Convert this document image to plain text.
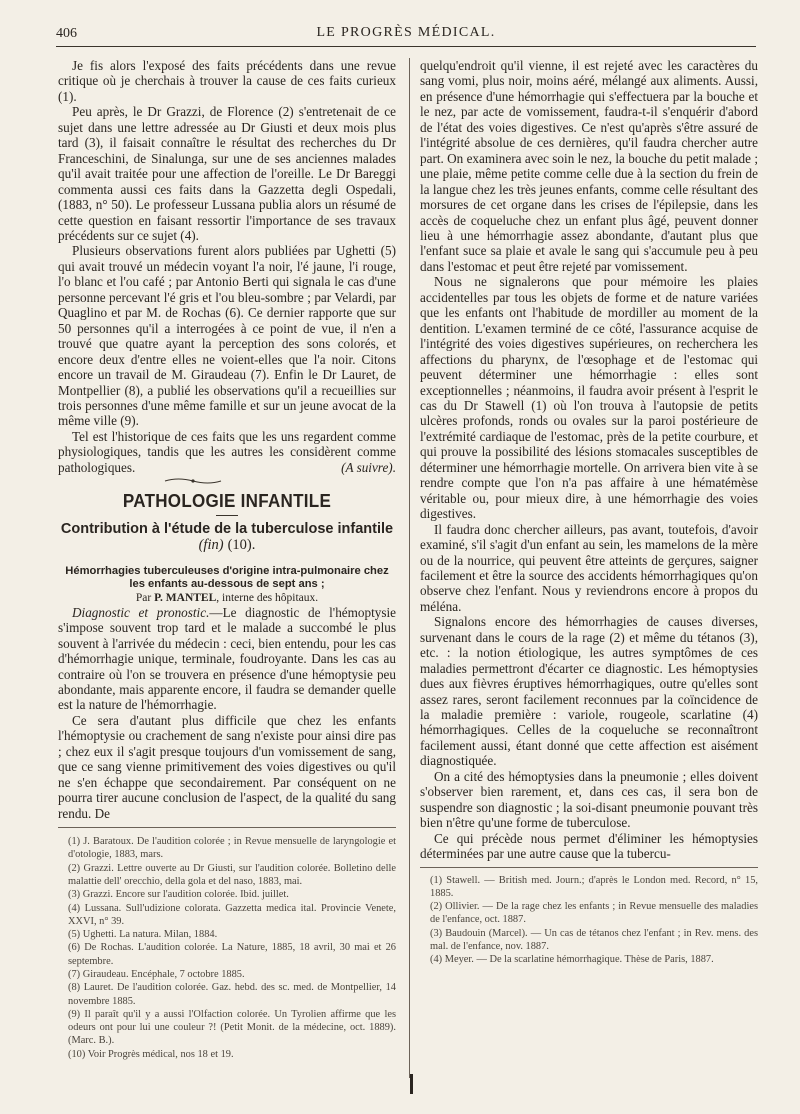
406	LE PROGRÈS MÉDICAL.

Je fis alors l'exposé des faits précédents dans une revue critique où je cherchais à trouver la cause de ces faits curieux (1).

Peu après, le Dr Grazzi, de Florence (2) s'entretenait de ce sujet dans une lettre adressée au Dr Giusti et deux mois plus tard (3), il faisait connaître le résultat des recherches du Dr Franceschini, de Sinalunga, sur une de ses anciennes malades qu'il avait traitée pour une affection de l'oreille. Le Dr Bareggi commenta aussi ces faits dans la Gazzetta degli Ospedali, (1883, n° 50). Le professeur Lussana publia alors un résumé de cette question en faisant ressortir l'importance de ses travaux précédents sur ce sujet (4).

Plusieurs observations furent alors publiées par Ughetti (5) qui avait trouvé un médecin voyant l'a noir, l'é jaune, l'i rouge, l'o blanc et l'ou café ; par Antonio Berti qui signala le cas d'une personne percevant l'é gris et l'ou bleu-sombre ; par Velardi, par Quaglino et par M. de Rochas (6). Ce dernier rapporte que sur 50 personnes qu'il a interrogées à ce point de vue, il n'en a trouvé que quatre ayant la perception des sons colorés, et encore deux d'entre elles ne voient-elles que l'a noir. Citons encore un travail de M. Giraudeau (7). Enfin le Dr Lauret, de Montpellier (8), a publié les observations qu'il a recueillies sur trois personnes d'une même famille et sur un jeune avocat de la même ville (9).

Tel est l'historique de ces faits que les uns regardent comme physiologiques, tandis que les autres les considèrent comme pathologiques.	(A suivre).

PATHOLOGIE INFANTILE
Contribution à l'étude de la tuberculose infantile (fin) (10).
Hémorrhagies tuberculeuses d'origine intra-pulmonaire chez les enfants au-dessous de sept ans ;
Par P. MANTEL, interne des hôpitaux.

Diagnostic et pronostic.—Le diagnostic de l'hémoptysie s'impose souvent trop tard et le malade a succombé le plus souvent à l'arrivée du médecin : ceci, bien entendu, pour les cas d'hémorrhagie unique, terminale, foudroyante. Dans les cas au contraire où l'on se trouvera en présence d'une hémoptysie peu abondante, mais apparente encore, il faudra se demander quelle est la nature de l'hémorrhagie.

Ce sera d'autant plus difficile que chez les enfants l'hémoptysie ou crachement de sang n'existe pour ainsi dire pas ; chez eux il s'agit presque toujours d'un vomissement de sang, que ce sang vienne primitivement des voies digestives ou qu'il ne s'en échappe que secondairement. Par conséquent on ne pourra tirer aucune conclusion de l'aspect, de la qualité du sang rendu. De

(1) J. Baratoux. De l'audition colorée ; in Revue mensuelle de laryngologie et d'otologie, 1883, mars.

(2) Grazzi. Lettre ouverte au Dr Giusti, sur l'audition colorée. Bolletino delle malattie dell' orecchio, della gola et del naso, 1883, mai.

(3) Grazzi. Encore sur l'audition colorée. Ibid. juillet.

(4) Lussana. Sull'udizione colorata. Gazzetta medica ital. Provincie Venete, XXVI, n° 39.

(5) Ughetti. La natura. Milan, 1884.

(6) De Rochas. L'audition colorée. La Nature, 1885, 18 avril, 30 mai et 26 septembre.

(7) Giraudeau. Encéphale, 7 octobre 1885.

(8) Lauret. De l'audition colorée. Gaz. hebd. des sc. med. de Montpellier, 14 novembre 1885.

(9) Il paraît qu'il y a aussi l'Olfaction colorée. Un Tyrolien affirme que les odeurs ont pour lui une couleur ?! (Petit Monit. de la médecine, oct. 1889). (Marc. B.).

(10) Voir Progrès médical, nos 18 et 19.

quelqu'endroit qu'il vienne, il est rejeté avec les caractères du sang vomi, plus noir, moins aéré, mélangé aux aliments. Aussi, en présence d'une hémorrhagie qui s'effectuera par la bouche et le nez, par acte de vomissement, faudra-t-il s'enquérir d'abord de l'état des voies digestives. Ce n'est qu'après s'être assuré de l'intégrité absolue de ces dernières, qu'il faudra chercher autre part. On examinera avec soin le nez, la bouche du petit malade ; une plaie, même petite comme celle due à la section du frein de la langue chez les très jeunes enfants, comme celle résultant des morsures de cet organe dans les crises de l'épilepsie, dans les accès de coqueluche chez un enfant plus âgé, peuvent donner lieu à une hémorrhagie assez abondante, d'autant plus que l'enfant suce sa plaie et avale le sang qui s'accumule peu à peu dans l'estomac et peut être rejeté par vomissement.

Nous ne signalerons que pour mémoire les plaies accidentelles par tous les objets de forme et de nature variées que les enfants ont l'habitude de mordiller au moment de la dentition. L'examen terminé de ce côté, l'assurance acquise de l'intégrité des voies digestives supérieures, on recherchera les affections du pharynx, de l'œsophage et de l'estomac qui peuvent déterminer une hémorrhagie : elles sont exceptionnelles ; néanmoins, il faudra avoir présent à l'esprit le cas du Dr Stawell (1) où l'on trouva à l'autopsie de petits ulcères profonds, ronds ou ovales sur la paroi postérieure de l'extrémité cardiaque de l'estomac, près de la petite courbure, et qui prouve la possibilité des lésions stomacales susceptibles de déterminer une hémorrhagie mortelle. On arrivera bien vite à se rendre compte que l'on n'a pas affaire à une hématémèse véritable ou, pour mieux dire, à une hémorrhagie des voies digestives.

Il faudra donc chercher ailleurs, pas avant, toutefois, d'avoir examiné, s'il s'agit d'un enfant au sein, les mamelons de la mère ou de la nourrice, qui peuvent être atteints de gerçures, saigner facilement et être la source des accidents hémorrhagiques qu'on observe chez l'enfant. Nous y reviendrons encore à propos du méléna.

Signalons encore des hémorrhagies de causes diverses, survenant dans le cours de la rage (2) et même du tétanos (3), etc. : la notion étiologique, les autres symptômes de ces maladies permettront d'écarter ce diagnostic. Les hémoptysies dues aux fièvres éruptives hémorrhagiques, outre qu'elles sont assez rares, seront facilement reconnues par la coïncidence de la maladie première : variole, rougeole, scarlatine (4) hémorrhagiques. Celles de la coqueluche se reconnaîtront facilement aussi, étant donné que cette affection est aisément diagnostiquée.

On a cité des hémoptysies dans la pneumonie ; elles doivent s'observer bien rarement, et, dans ces cas, il sera bon de suspendre son diagnostic ; la soi-disant pneumonie pouvant très bien n'être qu'une forme de tuberculose.

Ce qui précède nous permet d'éliminer les hémoptysies déterminées par une autre cause que la tubercu-

(1) Stawell. — British med. Journ.; d'après le London med. Record, n° 15, 1885.

(2) Ollivier. — De la rage chez les enfants ; in Revue mensuelle des maladies de l'enfance, oct. 1887.

(3) Baudouin (Marcel). — Un cas de tétanos chez l'enfant ; in Rev. mens. des mal. de l'enfance, nov. 1887.

(4) Meyer. — De la scarlatine hémorrhagique. Thèse de Paris, 1887.
